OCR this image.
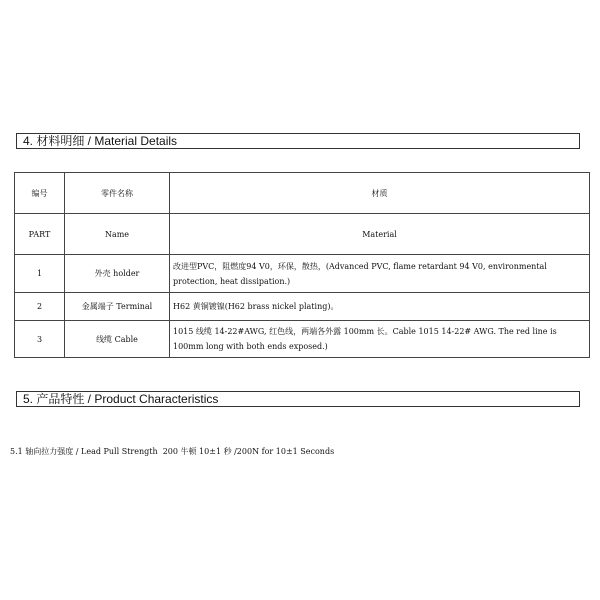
4. 材料明细 / Material Details
编号	零件名称	材质
PART	Name	Material
1	外壳 holder	改进型PVC，阻燃度94 V0，环保，散热，(Advanced PVC, flame retardant 94 V0, environmental protection, heat dissipation.)
2	金属端子 Terminal	H62 黄铜镀镍(H62 brass nickel plating)。
3	线缆 Cable	1015 线缆 14-22#AWG, 红色线，两端各外露 100mm 长。Cable 1015 14-22# AWG. The red line is 100mm long with both ends exposed.)
5. 产品特性 / Product Characteristics
5.1 轴向拉力强度 / Lead Pull Strength  200 牛顿 10±1 秒 /200N for 10±1 Seconds
